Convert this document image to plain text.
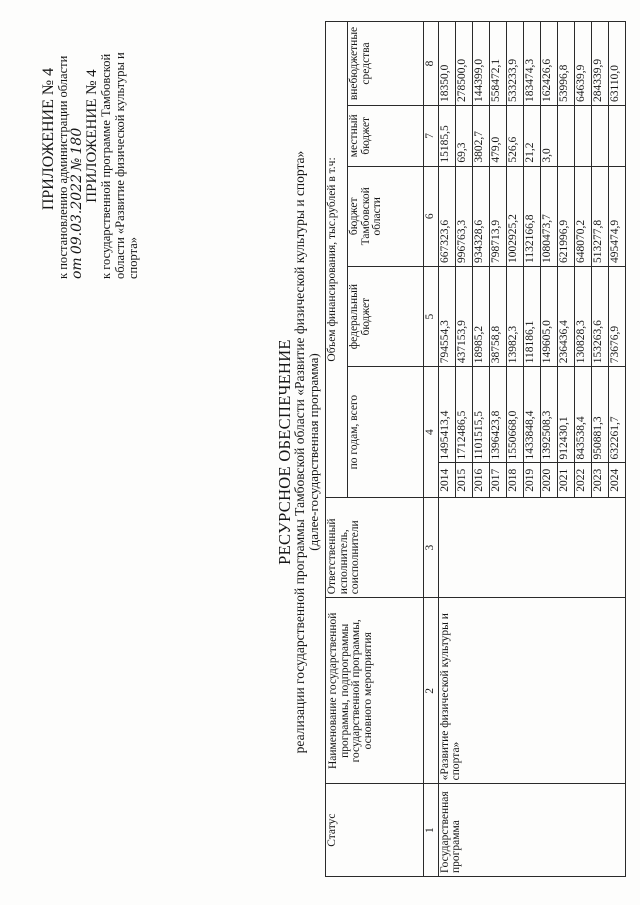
ПРИЛОЖЕНИЕ № 4 к постановлению администрации области
от 09.03.2022 № 180 ПРИЛОЖЕНИЕ № 4 к государственной программе Тамбовской области «Развитие физической культуры и спорта»
РЕСУРСНОЕ ОБЕСПЕЧЕНИЕ
реализации государственной программы Тамбовской области «Развитие физической культуры и спорта» (далее-государственная программа)
Статус	Наименование государственной программы, подпрограммы государственной программы, основного мероприятия	Ответственный исполнитель, соисполнители	Объем финансирования, тыс.рублей в т.ч:					
			по годам, всего		федеральный бюджет	бюджет Тамбовской области	местный бюджет	внебюджетные средства
1	2	3	4		5	6	7	8
Государственная программа	«Развитие физической культуры и спорта»		2014	1495413,4	794554,3	667323,6	15185,5	18350,0
			2015	1712486,5	437153,9	996763,3	69,3	278500,0
			2016	1101515,5	18985,2	934328,6	3802,7	144399,0
			2017	1396423,8	38758,8	798713,9	479,0	558472,1
			2018	1550668,0	13982,3	1002925,2	526,6	533233,9
			2019	1433848,4	118186,1	1132166,8	21,2	183474,3
			2020	1392508,3	149605,0	1080473,7	3,0	162426,6
			2021	912430,1	236436,4	621996,9		53996,8
			2022	843538,4	130828,3	648070,2		64639,9
			2023	950881,3	153263,6	513277,8		284339,9
			2024	632261,7	73676,9	495474,9		63110,0
